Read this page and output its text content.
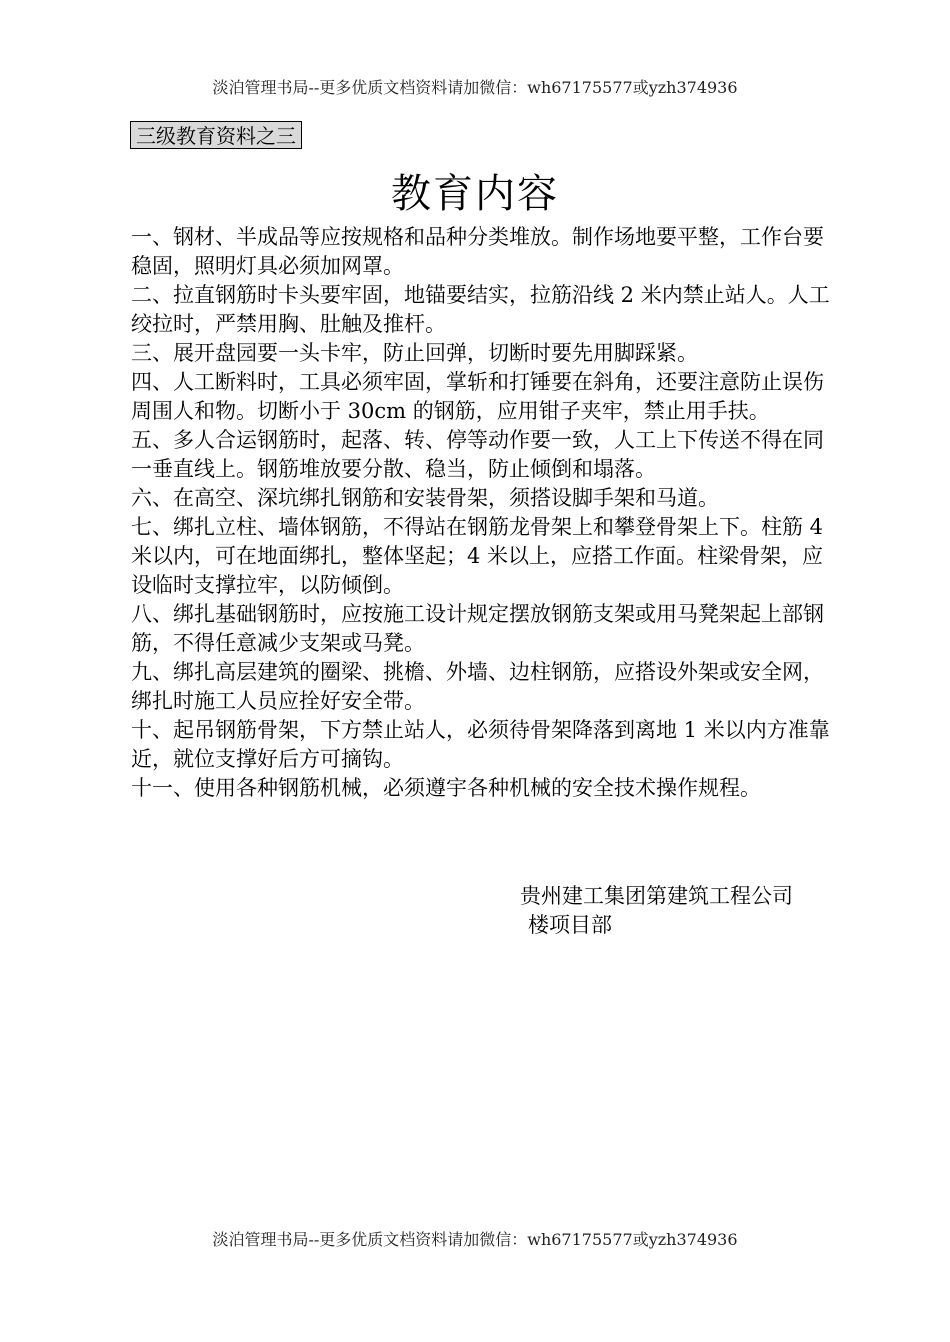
淡泊管理书局--更多优质文档资料请加微信：wh67175577或yzh374936
三级教育资料之三
教育内容

一、钢材、半成品等应按规格和品种分类堆放。制作场地要平整，工作台要稳固，照明灯具必须加网罩。

二、拉直钢筋时卡头要牢固，地锚要结实，拉筋沿线 2 米内禁止站人。人工绞拉时，严禁用胸、肚触及推杆。

三、展开盘园要一头卡牢，防止回弹，切断时要先用脚踩紧。

四、人工断料时，工具必须牢固，掌斩和打锤要在斜角，还要注意防止误伤周围人和物。切断小于 30cm 的钢筋，应用钳子夹牢，禁止用手扶。

五、多人合运钢筋时，起落、转、停等动作要一致，人工上下传送不得在同一垂直线上。钢筋堆放要分散、稳当，防止倾倒和塌落。

六、在高空、深坑绑扎钢筋和安装骨架，须搭设脚手架和马道。

七、绑扎立柱、墙体钢筋，不得站在钢筋龙骨架上和攀登骨架上下。柱筋 4 米以内，可在地面绑扎，整体坚起；4 米以上，应搭工作面。柱梁骨架，应设临时支撑拉牢，以防倾倒。

八、绑扎基础钢筋时，应按施工设计规定摆放钢筋支架或用马凳架起上部钢筋，不得任意减少支架或马凳。

九、绑扎高层建筑的圈梁、挑檐、外墙、边柱钢筋，应搭设外架或安全网，绑扎时施工人员应拴好安全带。

十、起吊钢筋骨架，下方禁止站人，必须待骨架降落到离地 1 米以内方准靠近，就位支撑好后方可摘钩。

十一、使用各种钢筋机械，必须遵宇各种机械的安全技术操作规程。

贵州建工集团第建筑工程公司
楼项目部
淡泊管理书局--更多优质文档资料请加微信：wh67175577或yzh374936
